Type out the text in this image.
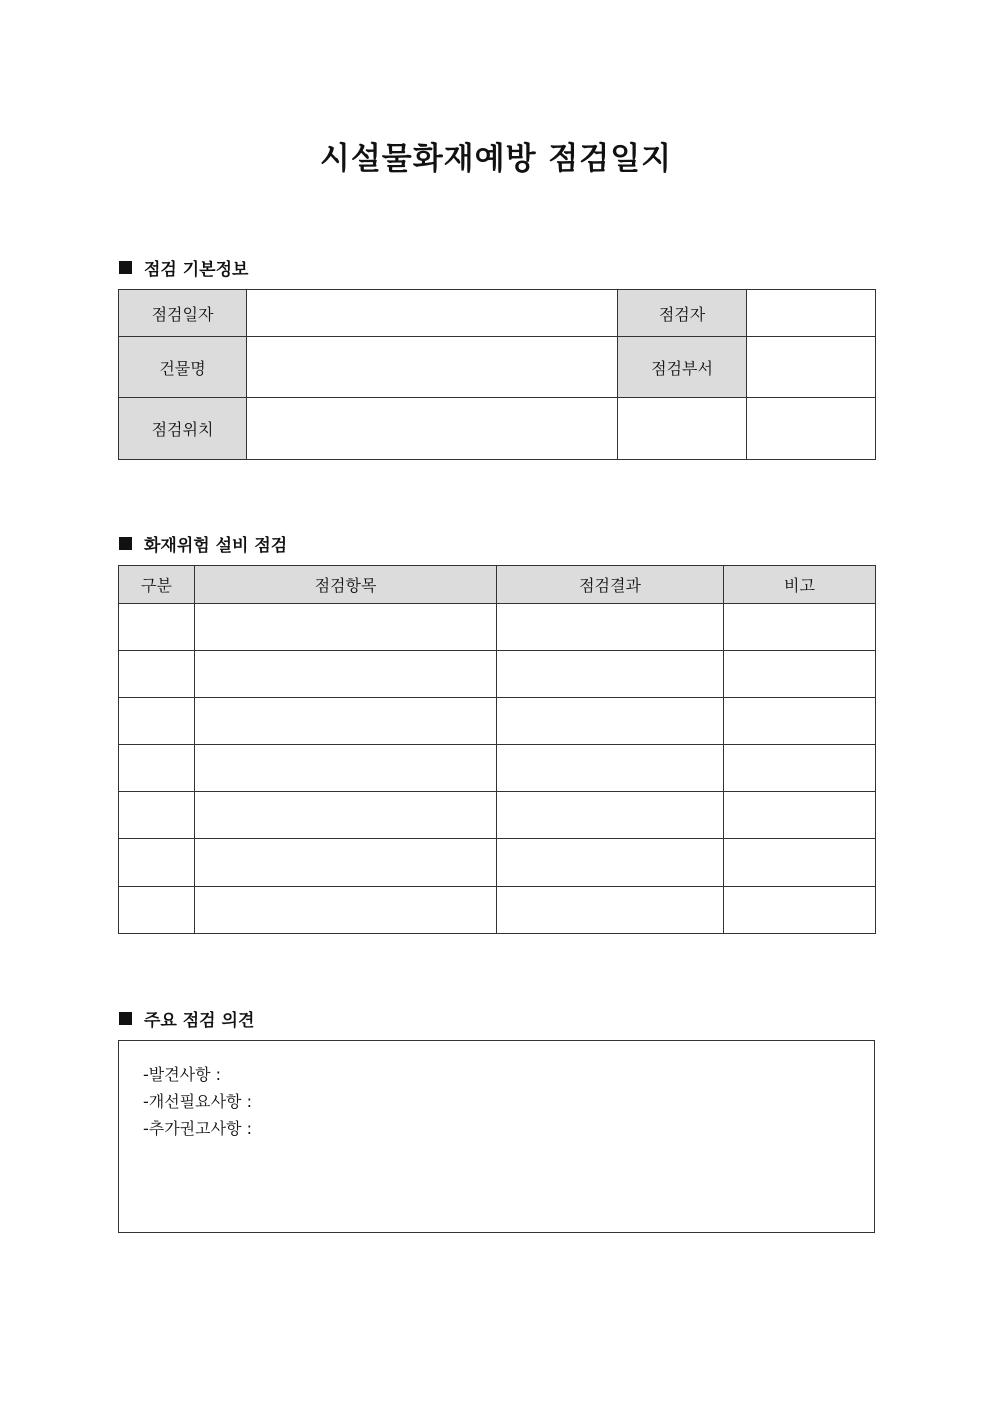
시설물화재예방 점검일지
점검 기본정보
점검일자		점검자	
건물명		점검부서	
점검위치			
화재위험 설비 점검
구분	점검항목	점검결과	비고

주요 점검 의견
-발견사항 :
-개선필요사항 :
-추가권고사항 :
